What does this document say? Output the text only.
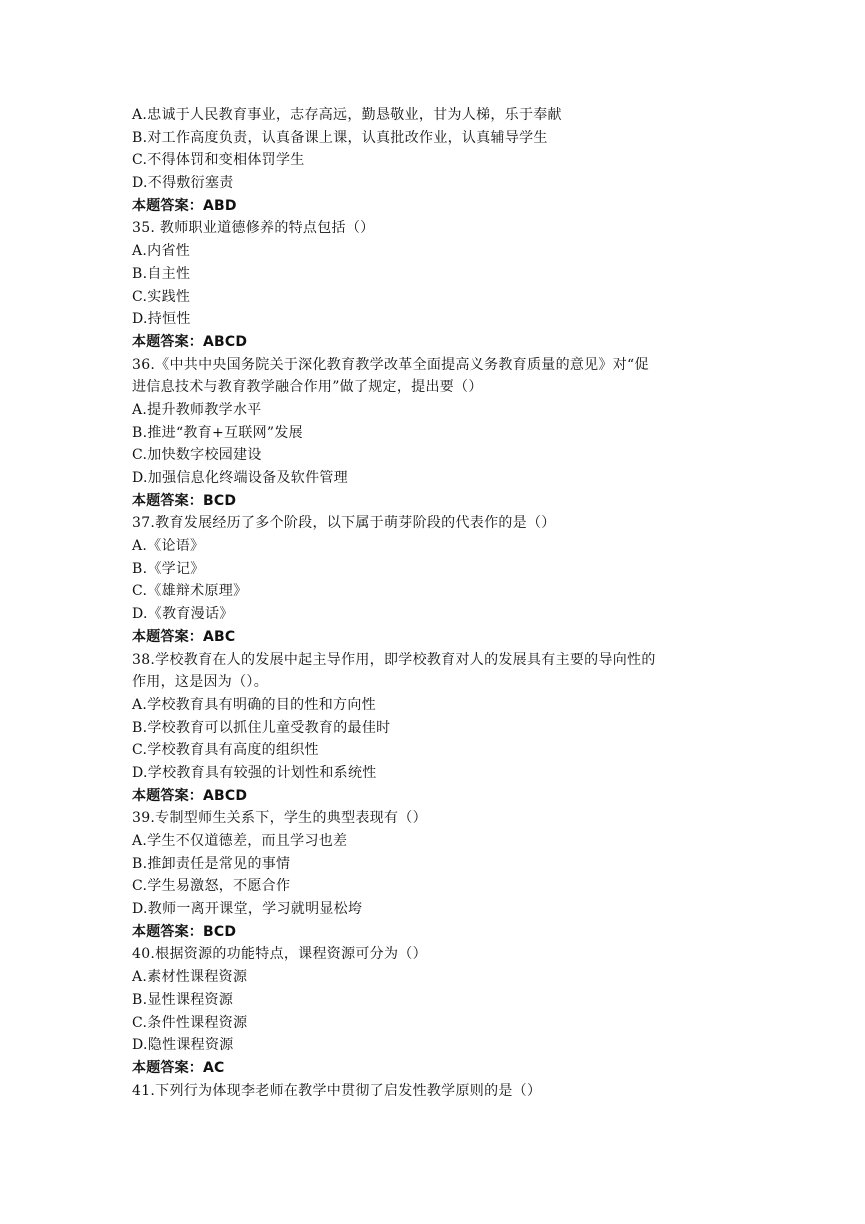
A.忠诚于人民教育事业，志存高远，勤恳敬业，甘为人梯，乐于奉献
B.对工作高度负责，认真备课上课，认真批改作业，认真辅导学生
C.不得体罚和变相体罚学生
D.不得敷衍塞责
本题答案：ABD
35. 教师职业道德修养的特点包括（）
A.内省性
B.自主性
C.实践性
D.持恒性
本题答案：ABCD
36.《中共中央国务院关于深化教育教学改革全面提高义务教育质量的意见》对“促
进信息技术与教育教学融合作用”做了规定，提出要（）
A.提升教师教学水平
B.推进“教育+互联网”发展
C.加快数字校园建设
D.加强信息化终端设备及软件管理
本题答案：BCD
37.教育发展经历了多个阶段，以下属于萌芽阶段的代表作的是（）
A.《论语》
B.《学记》
C.《雄辩术原理》
D.《教育漫话》
本题答案：ABC
38.学校教育在人的发展中起主导作用，即学校教育对人的发展具有主要的导向性的
作用，这是因为（）。
A.学校教育具有明确的目的性和方向性
B.学校教育可以抓住儿童受教育的最佳时
C.学校教育具有高度的组织性
D.学校教育具有较强的计划性和系统性
本题答案：ABCD
39.专制型师生关系下，学生的典型表现有（）
A.学生不仅道德差，而且学习也差
B.推卸责任是常见的事情
C.学生易激怒，不愿合作
D.教师一离开课堂，学习就明显松垮
本题答案：BCD
40.根据资源的功能特点，课程资源可分为（）
A.素材性课程资源
B.显性课程资源
C.条件性课程资源
D.隐性课程资源
本题答案：AC
41.下列行为体现李老师在教学中贯彻了启发性教学原则的是（）
